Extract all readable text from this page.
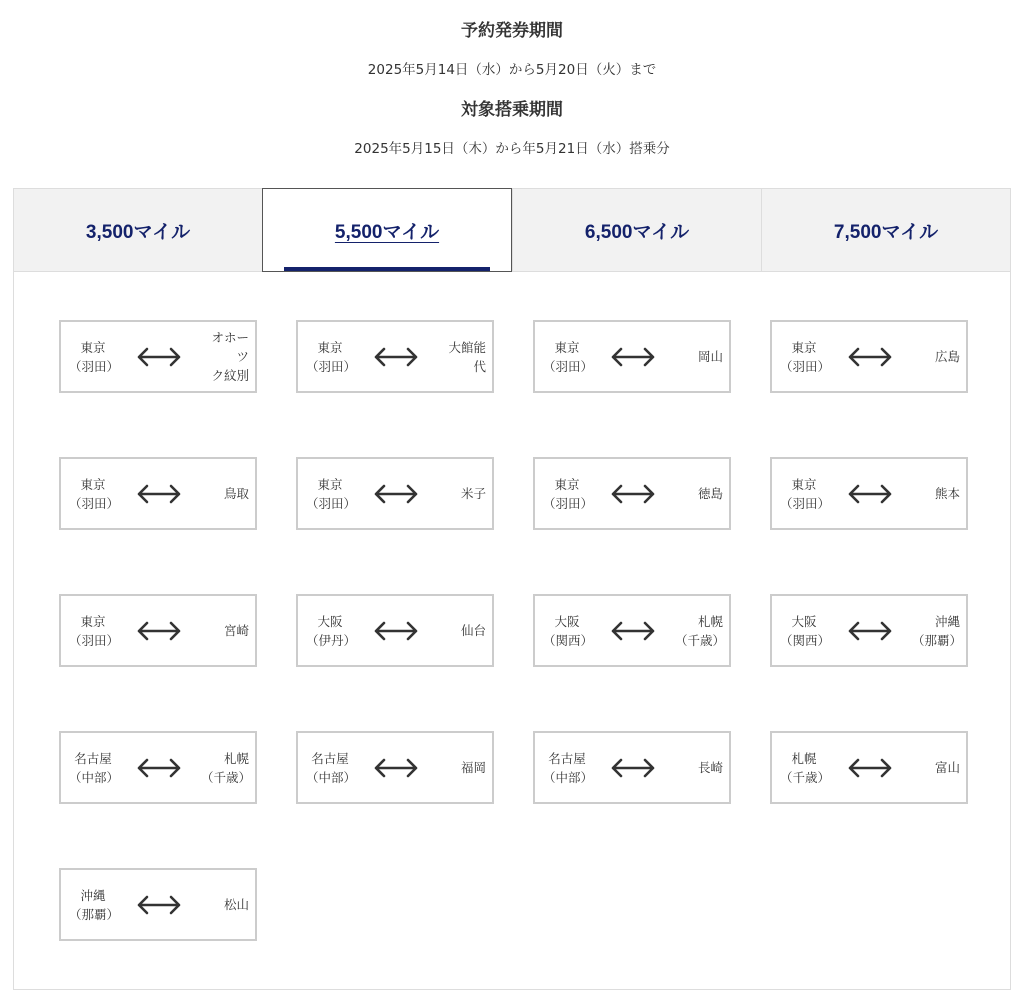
予約発券期間
2025年5月14日（水）から5月20日（火）まで
対象搭乗期間
2025年5月15日（木）から年5月21日（水）搭乗分
3,500マイル	5,500マイル	6,500マイル	7,500マイル
東京
（羽田）
オホーツ
ク紋別
東京
（羽田）
大館能代
東京
（羽田）
岡山
東京
（羽田）
広島
東京
（羽田）
鳥取
東京
（羽田）
米子
東京
（羽田）
徳島
東京
（羽田）
熊本
東京
（羽田）
宮崎
大阪
（伊丹）
仙台
大阪
（関西）
札幌
（千歳）
大阪
（関西）
沖縄
（那覇）
名古屋
（中部）
札幌
（千歳）
名古屋
（中部）
福岡
名古屋
（中部）
長崎
札幌
（千歳）
富山
沖縄
（那覇）
松山
